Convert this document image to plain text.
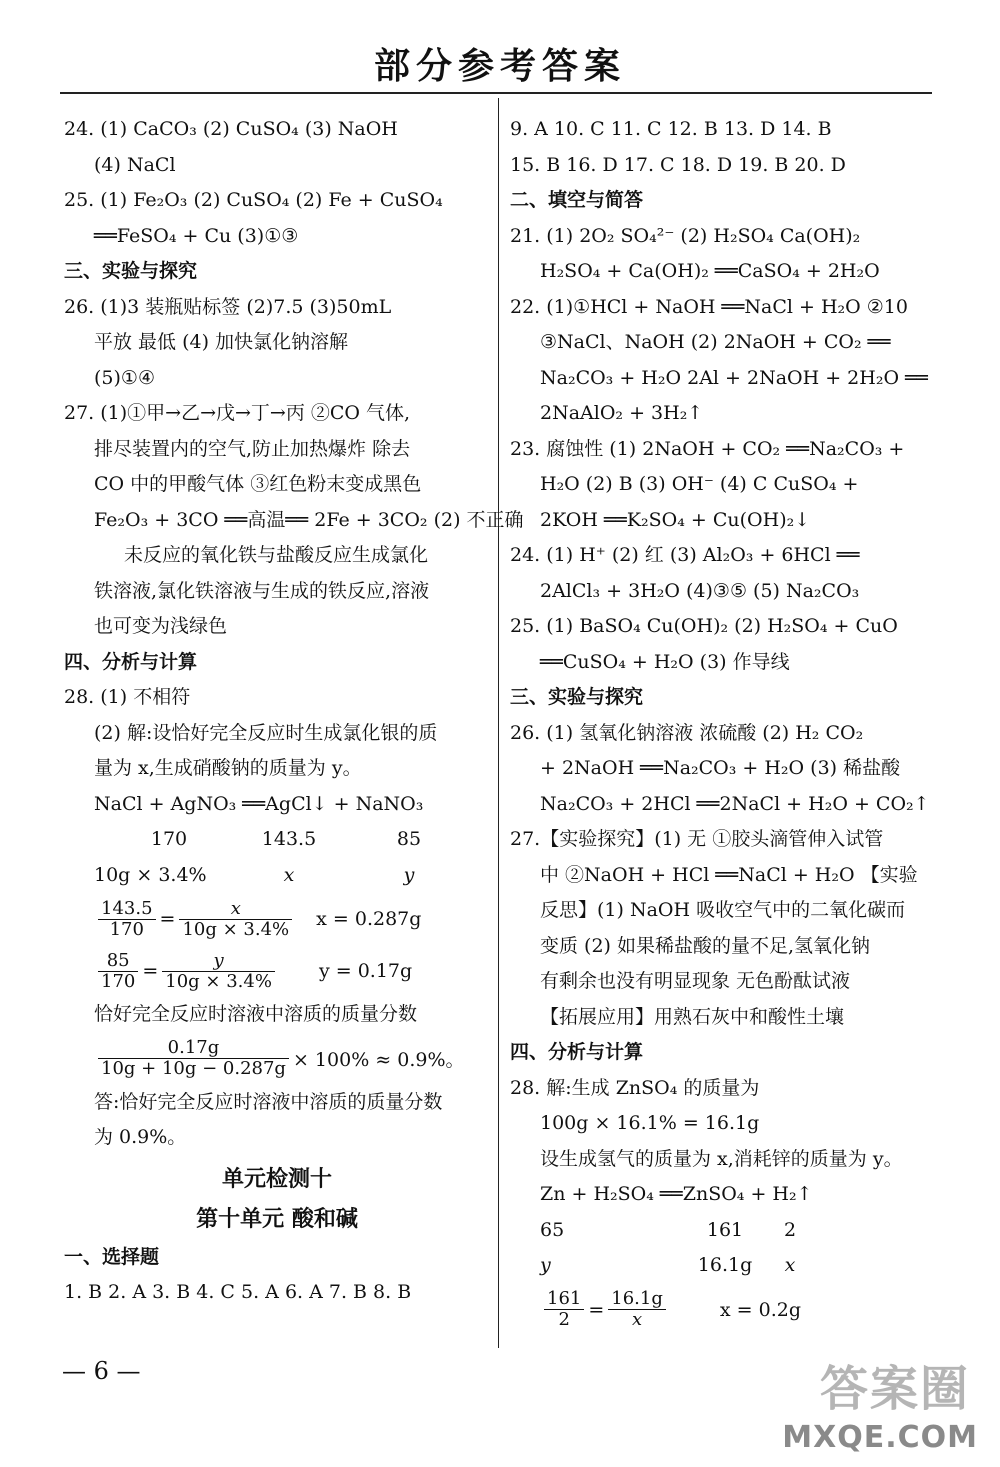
部分参考答案
24. (1) CaCO₃ (2) CuSO₄ (3) NaOH
(4) NaCl
25. (1) Fe₂O₃ (2) CuSO₄ (2) Fe + CuSO₄
══FeSO₄ + Cu (3)①③
三、实验与探究
26. (1)3 装瓶贴标签 (2)7.5 (3)50mL
平放 最低 (4) 加快氯化钠溶解
(5)①④
27. (1)①甲→乙→戊→丁→丙 ②CO 气体,
排尽装置内的空气,防止加热爆炸 除去
CO 中的甲酸气体 ③红色粉末变成黑色
Fe₂O₃ + 3CO ══高温══ 2Fe + 3CO₂ (2) 不正确
未反应的氧化铁与盐酸反应生成氯化
铁溶液,氯化铁溶液与生成的铁反应,溶液
也可变为浅绿色
四、分析与计算
28. (1) 不相符
(2) 解:设恰好完全反应时生成氯化银的质
量为 x,生成硝酸钠的质量为 y。
NaCl + AgNO₃ ══AgCl↓ + NaNO₃
170	143.5	85
10g × 3.4%	x	y
$\frac{143.5}{170} = \frac{x}{10g \times 3.4\%}$ x = 0.287g
$\frac{85}{170} = \frac{y}{10g \times 3.4\%}$ y = 0.17g
恰好完全反应时溶液中溶质的质量分数
$\frac{0.17g}{10g + 10g - 0.287g} \times 100\% \approx 0.9\%$。
答:恰好完全反应时溶液中溶质的质量分数
为 0.9%。
单元检测十
第十单元 酸和碱
一、选择题
1. B 2. A 3. B 4. C 5. A 6. A 7. B 8. B
9. A 10. C 11. C 12. B 13. D 14. B
15. B 16. D 17. C 18. D 19. B 20. D
二、填空与简答
21. (1) 2O₂ SO₄²⁻ (2) H₂SO₄ Ca(OH)₂
H₂SO₄ + Ca(OH)₂ ══CaSO₄ + 2H₂O
22. (1)①HCl + NaOH ══NaCl + H₂O ②10
③NaCl、NaOH (2) 2NaOH + CO₂ ══
Na₂CO₃ + H₂O 2Al + 2NaOH + 2H₂O ══
2NaAlO₂ + 3H₂↑
23. 腐蚀性 (1) 2NaOH + CO₂ ══Na₂CO₃ +
H₂O (2) B (3) OH⁻ (4) C CuSO₄ +
2KOH ══K₂SO₄ + Cu(OH)₂↓
24. (1) H⁺ (2) 红 (3) Al₂O₃ + 6HCl ══
2AlCl₃ + 3H₂O (4)③⑤ (5) Na₂CO₃
25. (1) BaSO₄ Cu(OH)₂ (2) H₂SO₄ + CuO
══CuSO₄ + H₂O (3) 作导线
三、实验与探究
26. (1) 氢氧化钠溶液 浓硫酸 (2) H₂ CO₂
+ 2NaOH ══Na₂CO₃ + H₂O (3) 稀盐酸
Na₂CO₃ + 2HCl ══2NaCl + H₂O + CO₂↑
27.【实验探究】(1) 无 ①胶头滴管伸入试管
中 ②NaOH + HCl ══NaCl + H₂O 【实验
反思】(1) NaOH 吸收空气中的二氧化碳而
变质 (2) 如果稀盐酸的量不足,氢氧化钠
有剩余也没有明显现象 无色酚酞试液
【拓展应用】用熟石灰中和酸性土壤
四、分析与计算
28. 解:生成 ZnSO₄ 的质量为
100g × 16.1% = 16.1g
设生成氢气的质量为 x,消耗锌的质量为 y。
Zn + H₂SO₄ ══ZnSO₄ + H₂↑
65	161	2
y	16.1g	x
$\frac{161}{2} = \frac{16.1g}{x}$	x = 0.2g
— 6 —	答案圈
MXQE.COM
